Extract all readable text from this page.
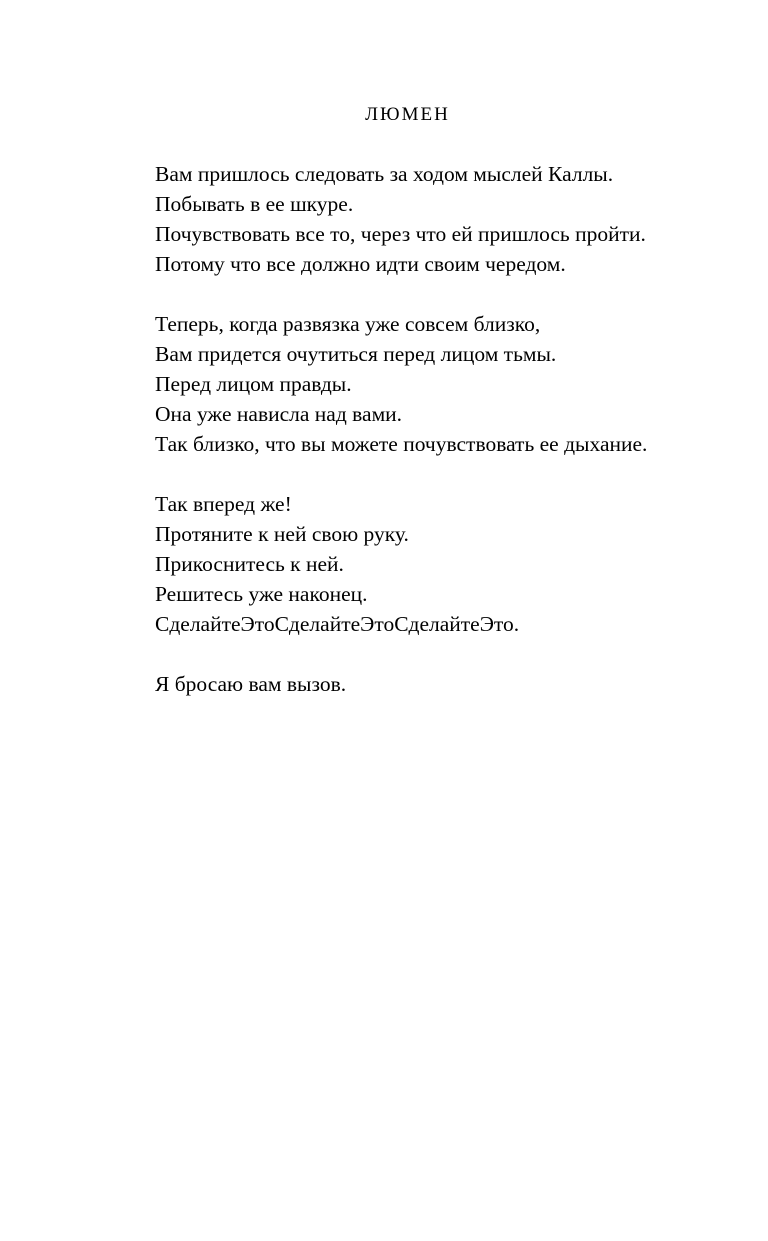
ЛЮМЕН

Вам пришлось следовать за ходом мыслей Каллы.

Побывать в ее шкуре.

Почувствовать все то, через что ей пришлось пройти.

Потому что все должно идти своим чередом.

Теперь, когда развязка уже совсем близко,

Вам придется очутиться перед лицом тьмы.

Перед лицом правды.

Она уже нависла над вами.

Так близко, что вы можете почувствовать ее дыхание.

Так вперед же!

Протяните к ней свою руку.

Прикоснитесь к ней.

Решитесь уже наконец.

СделайтеЭтоСделайтеЭтоСделайтеЭто.

Я бросаю вам вызов.
